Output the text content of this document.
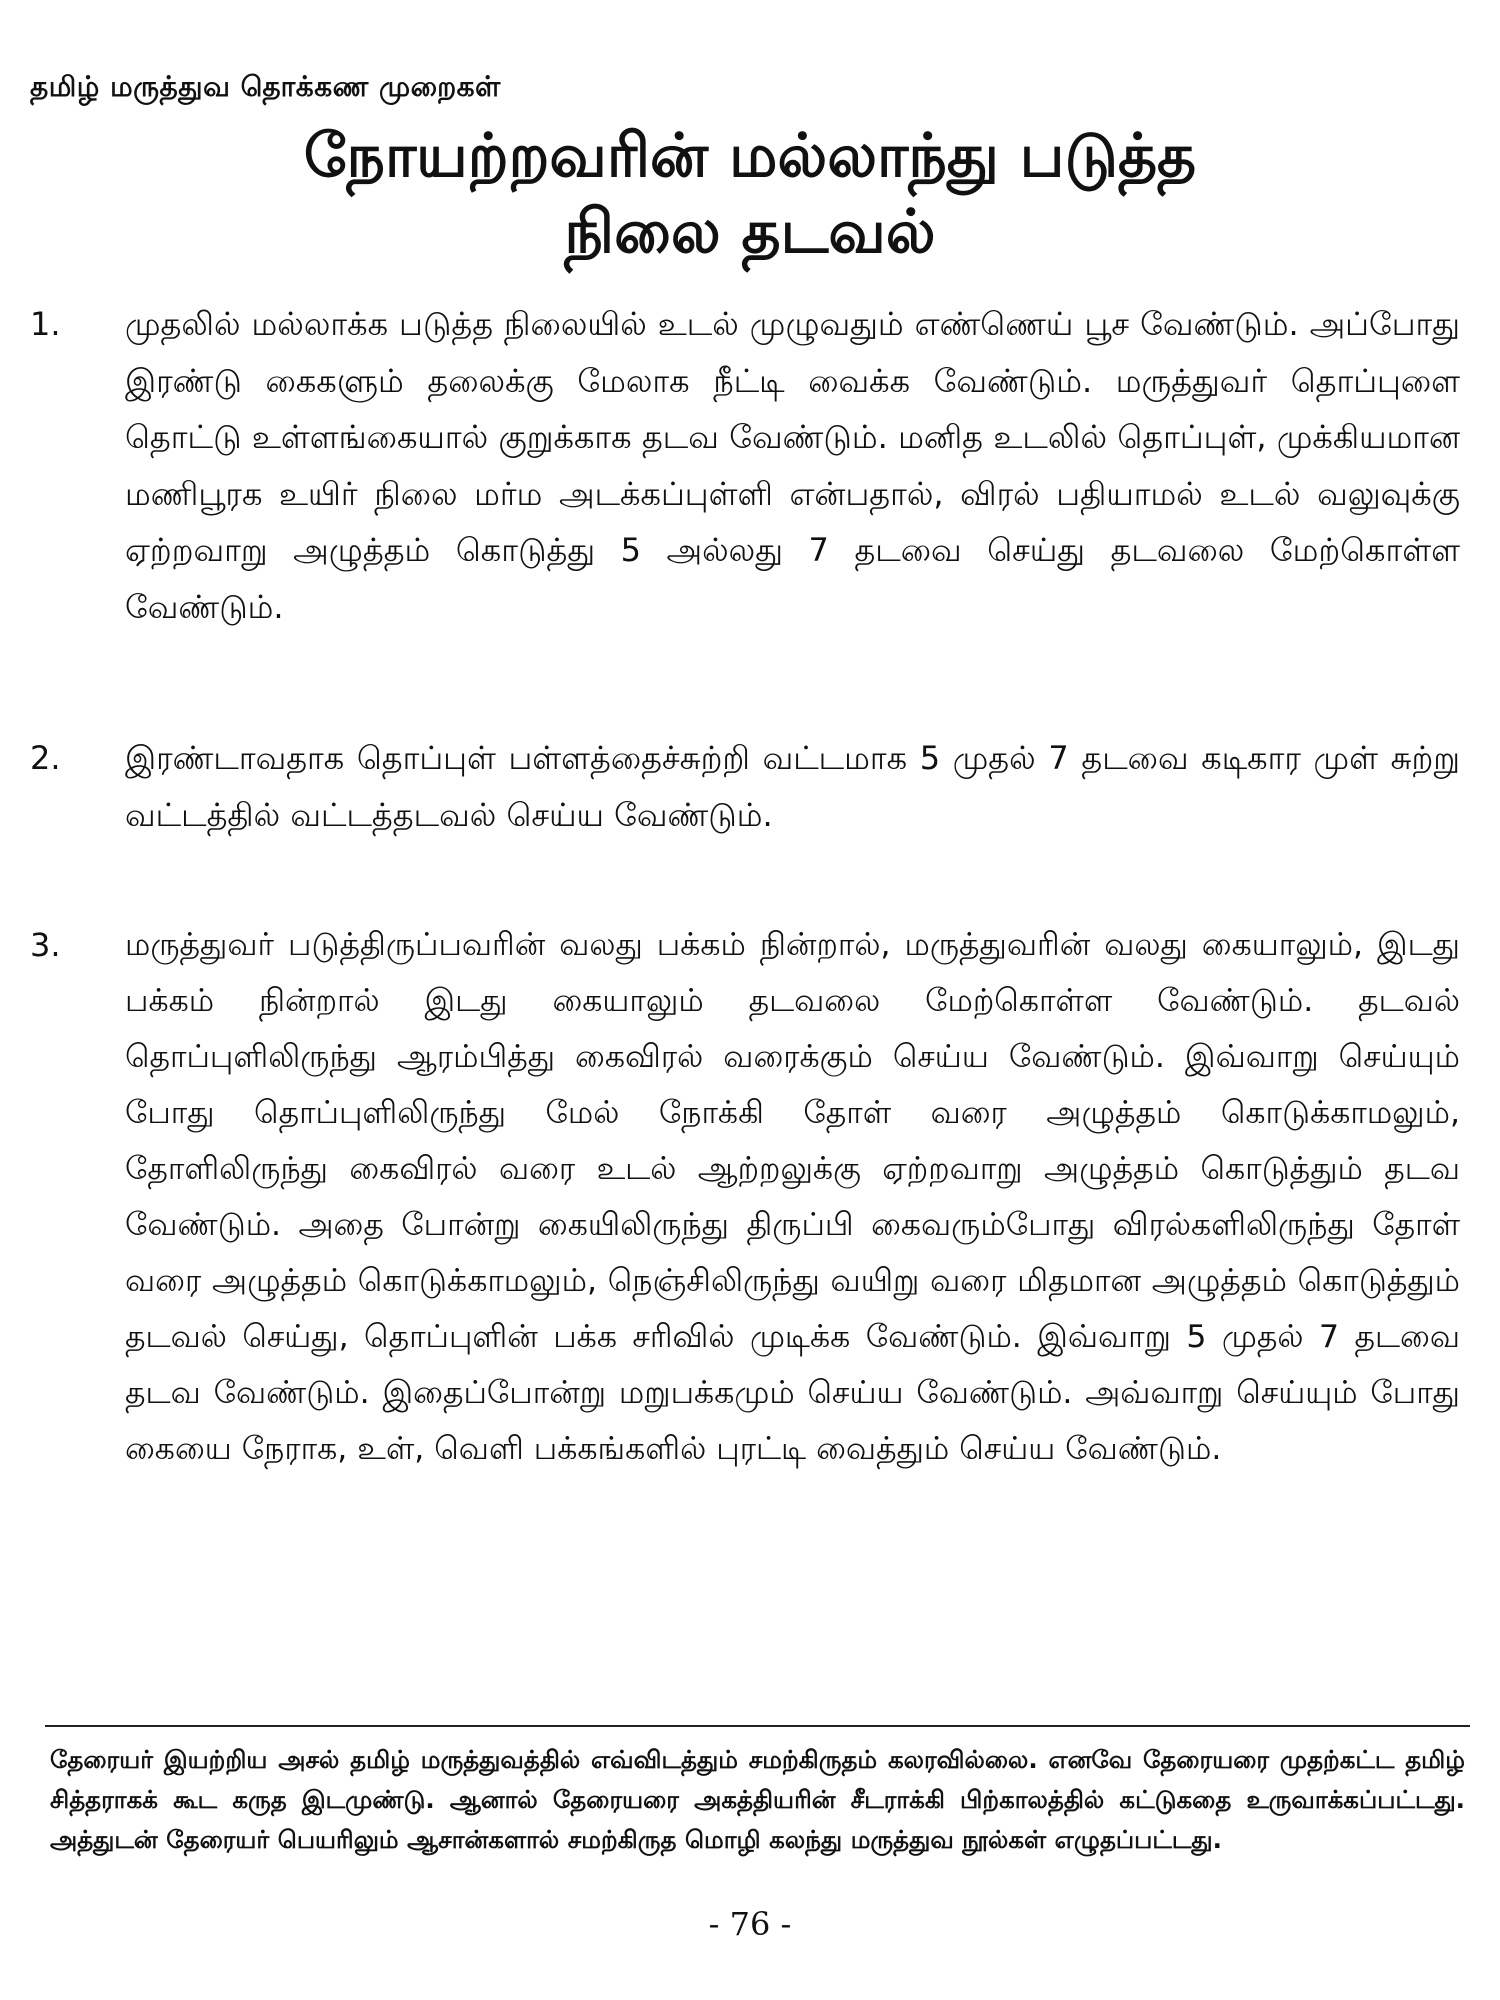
தமிழ் மருத்துவ தொக்கண முறைகள்
நோயற்றவரின் மல்லாந்து படுத்த
நிலை தடவல்
1. முதலில் மல்லாக்க படுத்த நிலையில் உடல் முழுவதும் எண்ணெய் பூச வேண்டும். அப்போது இரண்டு கைகளும் தலைக்கு மேலாக நீட்டி வைக்க வேண்டும். மருத்துவர் தொப்புளை தொட்டு உள்ளங்கையால் குறுக்காக தடவ வேண்டும். மனித உடலில் தொப்புள், முக்கியமான மணிபூரக உயிர் நிலை மர்ம அடக்கப்புள்ளி என்பதால், விரல் பதியாமல் உடல் வலுவுக்கு ஏற்றவாறு அழுத்தம் கொடுத்து 5 அல்லது 7 தடவை செய்து தடவலை மேற்கொள்ள வேண்டும்.
2. இரண்டாவதாக தொப்புள் பள்ளத்தைச்சுற்றி வட்டமாக 5 முதல் 7 தடவை கடிகார முள் சுற்று வட்டத்தில் வட்டத்தடவல் செய்ய வேண்டும்.
3. மருத்துவர் படுத்திருப்பவரின் வலது பக்கம் நின்றால், மருத்துவரின் வலது கையாலும், இடது பக்கம் நின்றால் இடது கையாலும் தடவலை மேற்கொள்ள வேண்டும். தடவல் தொப்புளிலிருந்து ஆரம்பித்து கைவிரல் வரைக்கும் செய்ய வேண்டும். இவ்வாறு செய்யும் போது தொப்புளிலிருந்து மேல் நோக்கி தோள் வரை அழுத்தம் கொடுக்காமலும், தோளிலிருந்து கைவிரல் வரை உடல் ஆற்றலுக்கு ஏற்றவாறு அழுத்தம் கொடுத்தும் தடவ வேண்டும். அதை போன்று கையிலிருந்து திருப்பி கைவரும்போது விரல்களிலிருந்து தோள் வரை அழுத்தம் கொடுக்காமலும், நெஞ்சிலிருந்து வயிறு வரை மிதமான அழுத்தம் கொடுத்தும் தடவல் செய்து, தொப்புளின் பக்க சரிவில் முடிக்க வேண்டும். இவ்வாறு 5 முதல் 7 தடவை தடவ வேண்டும். இதைப்போன்று மறுபக்கமும் செய்ய வேண்டும். அவ்வாறு செய்யும் போது கையை நேராக, உள், வெளி பக்கங்களில் புரட்டி வைத்தும் செய்ய வேண்டும்.
தேரையர் இயற்றிய அசல் தமிழ் மருத்துவத்தில் எவ்விடத்தும் சமற்கிருதம் கலரவில்லை. எனவே தேரையரை முதற்கட்ட தமிழ் சித்தராகக் கூட கருத இடமுண்டு. ஆனால் தேரையரை அகத்தியரின் சீடராக்கி பிற்காலத்தில் கட்டுகதை உருவாக்கப்பட்டது. அத்துடன் தேரையர் பெயரிலும் ஆசான்களால் சமற்கிருத மொழி கலந்து மருத்துவ நூல்கள் எழுதப்பட்டது.
- 76 -
